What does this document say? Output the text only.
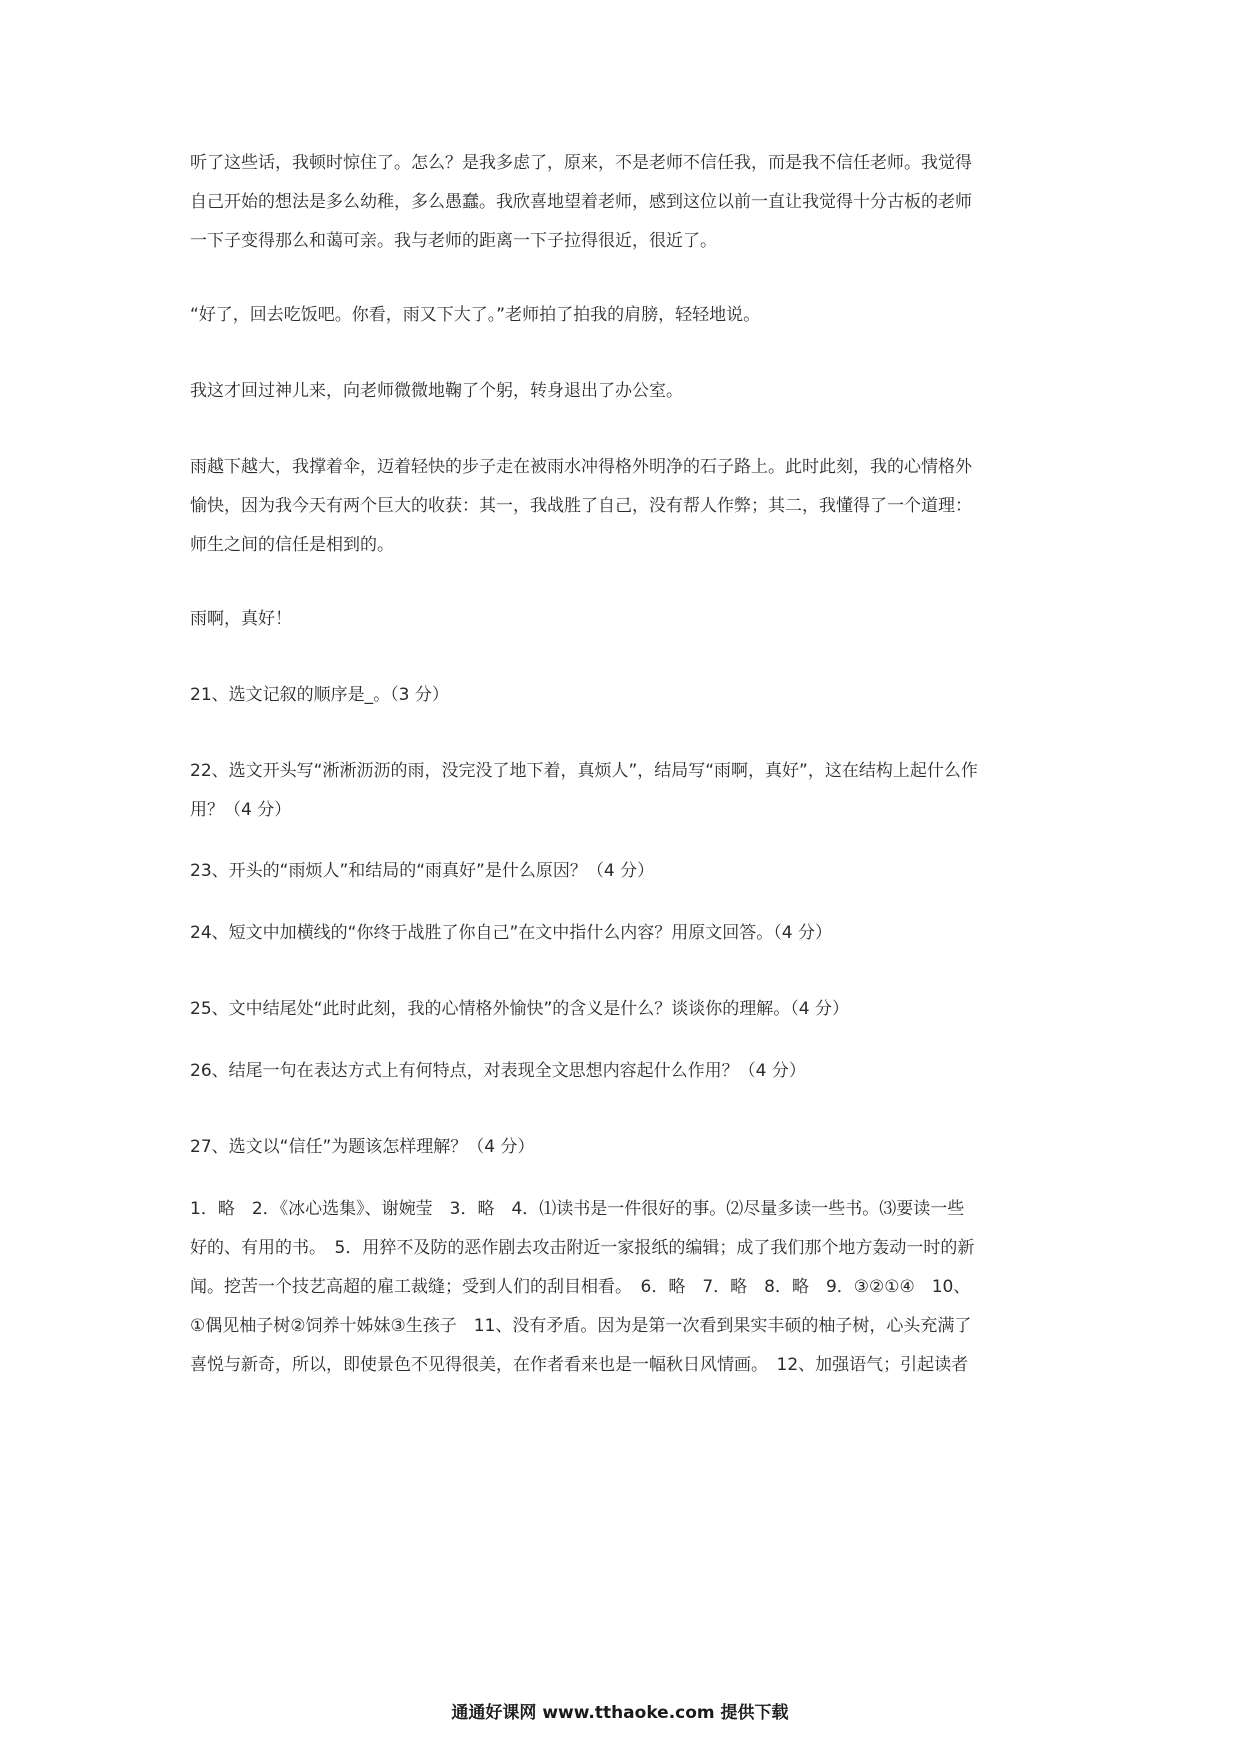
听了这些话，我顿时惊住了。怎么？是我多虑了，原来，不是老师不信任我，而是我不信任老师。我觉得
自己开始的想法是多么幼稚，多么愚蠢。我欣喜地望着老师，感到这位以前一直让我觉得十分古板的老师
一下子变得那么和蔼可亲。我与老师的距离一下子拉得很近，很近了。
“好了，回去吃饭吧。你看，雨又下大了。”老师拍了拍我的肩膀，轻轻地说。
我这才回过神儿来，向老师微微地鞠了个躬，转身退出了办公室。
雨越下越大，我撑着伞，迈着轻快的步子走在被雨水冲得格外明净的石子路上。此时此刻，我的心情格外
愉快，因为我今天有两个巨大的收获：其一，我战胜了自己，没有帮人作弊；其二，我懂得了一个道理：
师生之间的信任是相到的。
雨啊，真好！
21、选文记叙的顺序是_。（3 分）
22、选文开头写“淅淅沥沥的雨，没完没了地下着，真烦人”，结局写“雨啊，真好”，这在结构上起什么作
用？（4 分）
23、开头的“雨烦人”和结局的“雨真好”是什么原因？（4 分）
24、短文中加横线的“你终于战胜了你自己”在文中指什么内容？用原文回答。（4 分）
25、文中结尾处“此时此刻，我的心情格外愉快”的含义是什么？谈谈你的理解。（4 分）
26、结尾一句在表达方式上有何特点，对表现全文思想内容起什么作用？（4 分）
27、选文以“信任”为题该怎样理解？（4 分）
1．略　2．《冰心选集》、谢婉莹　3．略　4．⑴读书是一件很好的事。⑵尽量多读一些书。⑶要读一些
好的、有用的书。　5．用猝不及防的恶作剧去攻击附近一家报纸的编辑；成了我们那个地方轰动一时的新
闻。挖苦一个技艺高超的雇工裁缝；受到人们的刮目相看。　6．略　7．略　8．略　9．③②①④　10、
①偶见柚子树②饲养十姊妹③生孩子　11、没有矛盾。因为是第一次看到果实丰硕的柚子树，心头充满了
喜悦与新奇，所以，即使景色不见得很美，在作者看来也是一幅秋日风情画。　12、加强语气；引起读者
通通好课网 www.tthaoke.com 提供下载
